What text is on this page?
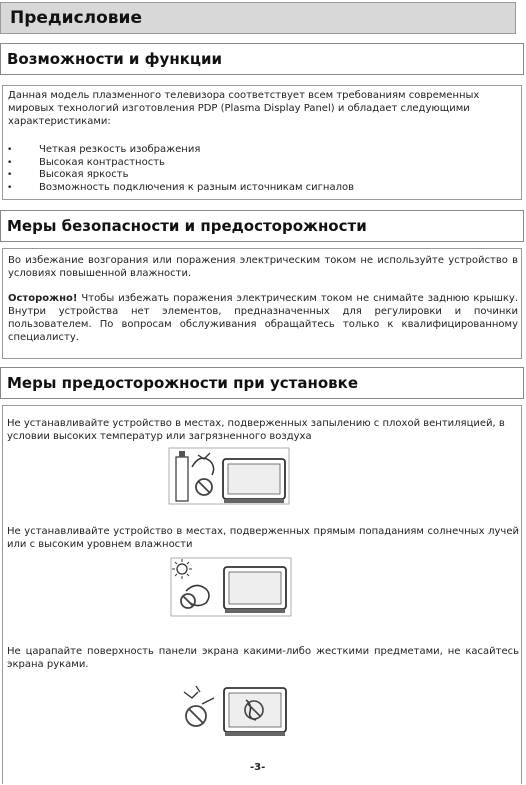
Предисловие
Возможности и функции

Данная модель плазменного телевизора соответствует всем требованиям современных мировых технологий изготовления PDP (Plasma Display Panel) и обладает следующими характеристиками:

• Четкая резкость изображения
• Высокая контрастность
• Высокая яркость
• Возможность подключения к разным источникам сигналов
Меры безопасности и предосторожности

Во избежание возгорания или поражения электрическим током не используйте устройство в условиях повышенной влажности.

Осторожно! Чтобы избежать поражения электрическим током не снимайте заднюю крышку. Внутри устройства нет элементов, предназначенных для регулировки и починки пользователем. По вопросам обслуживания обращайтесь только к квалифицированному специалисту.

Меры предосторожности при установке

Не устанавливайте устройство в местах, подверженных запылению с плохой вентиляцией, в условии высоких температур или загрязненного воздуха

Не устанавливайте устройство в местах, подверженных прямым попаданиям солнечных лучей или с высоким уровнем влажности

Не царапайте поверхность панели экрана какими-либо жесткими предметами, не касайтесь экрана руками.

-3-
